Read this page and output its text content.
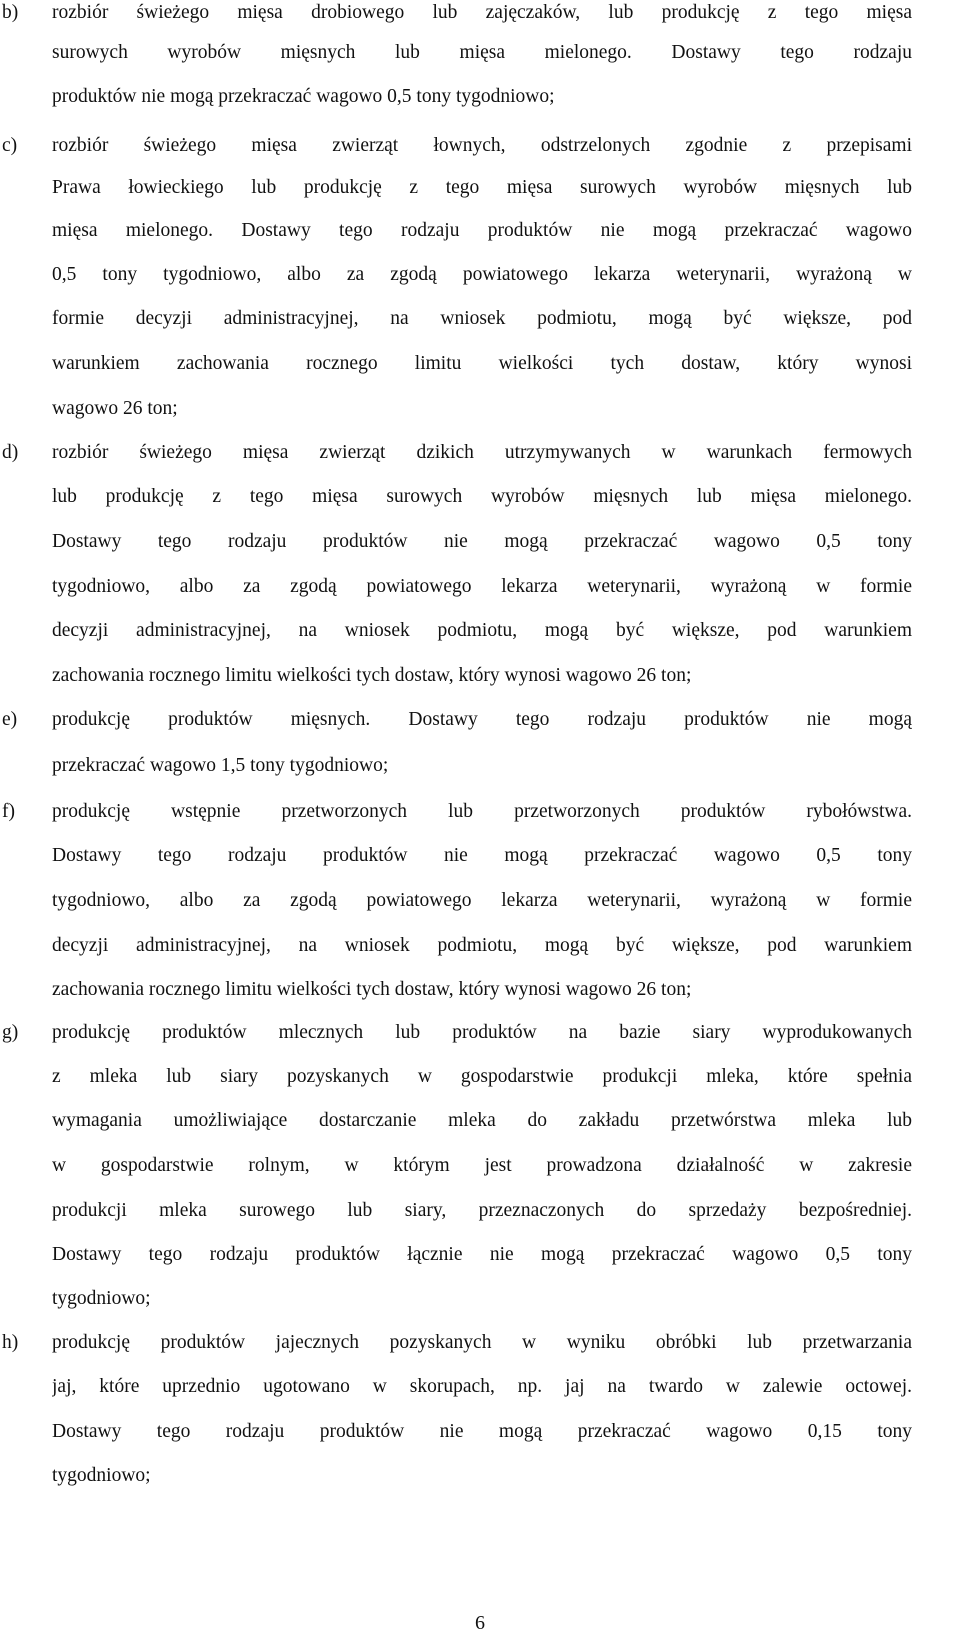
b) rozbiór świeżego mięsa drobiowego lub zajęczaków, lub produkcję z tego mięsa
surowych wyrobów mięsnych lub mięsa mielonego. Dostawy tego rodzaju
produktów nie mogą przekraczać wagowo 0,5 tony tygodniowo;
c) rozbiór świeżego mięsa zwierząt łownych, odstrzelonych zgodnie z przepisami
Prawa łowieckiego lub produkcję z tego mięsa surowych wyrobów mięsnych lub
mięsa mielonego. Dostawy tego rodzaju produktów nie mogą przekraczać wagowo
0,5 tony tygodniowo, albo za zgodą powiatowego lekarza weterynarii, wyrażoną w
formie decyzji administracyjnej, na wniosek podmiotu, mogą być większe, pod
warunkiem zachowania rocznego limitu wielkości tych dostaw, który wynosi
wagowo 26 ton;
d) rozbiór świeżego mięsa zwierząt dzikich utrzymywanych w warunkach fermowych
lub produkcję z tego mięsa surowych wyrobów mięsnych lub mięsa mielonego.
Dostawy tego rodzaju produktów nie mogą przekraczać wagowo 0,5 tony
tygodniowo, albo za zgodą powiatowego lekarza weterynarii, wyrażoną w formie
decyzji administracyjnej, na wniosek podmiotu, mogą być większe, pod warunkiem
zachowania rocznego limitu wielkości tych dostaw, który wynosi wagowo 26 ton;
e) produkcję produktów mięsnych. Dostawy tego rodzaju produktów nie mogą
przekraczać wagowo 1,5 tony tygodniowo;
f) produkcję wstępnie przetworzonych lub przetworzonych produktów rybołówstwa.
Dostawy tego rodzaju produktów nie mogą przekraczać wagowo 0,5 tony
tygodniowo, albo za zgodą powiatowego lekarza weterynarii, wyrażoną w formie
decyzji administracyjnej, na wniosek podmiotu, mogą być większe, pod warunkiem
zachowania rocznego limitu wielkości tych dostaw, który wynosi wagowo 26 ton;
g) produkcję produktów mlecznych lub produktów na bazie siary wyprodukowanych
z mleka lub siary pozyskanych w gospodarstwie produkcji mleka, które spełnia
wymagania umożliwiające dostarczanie mleka do zakładu przetwórstwa mleka lub
w gospodarstwie rolnym, w którym jest prowadzona działalność w zakresie
produkcji mleka surowego lub siary, przeznaczonych do sprzedaży bezpośredniej.
Dostawy tego rodzaju produktów łącznie nie mogą przekraczać wagowo 0,5 tony
tygodniowo;
h) produkcję produktów jajecznych pozyskanych w wyniku obróbki lub przetwarzania
jaj, które uprzednio ugotowano w skorupach, np. jaj na twardo w zalewie octowej.
Dostawy tego rodzaju produktów nie mogą przekraczać wagowo 0,15 tony
tygodniowo;
6
